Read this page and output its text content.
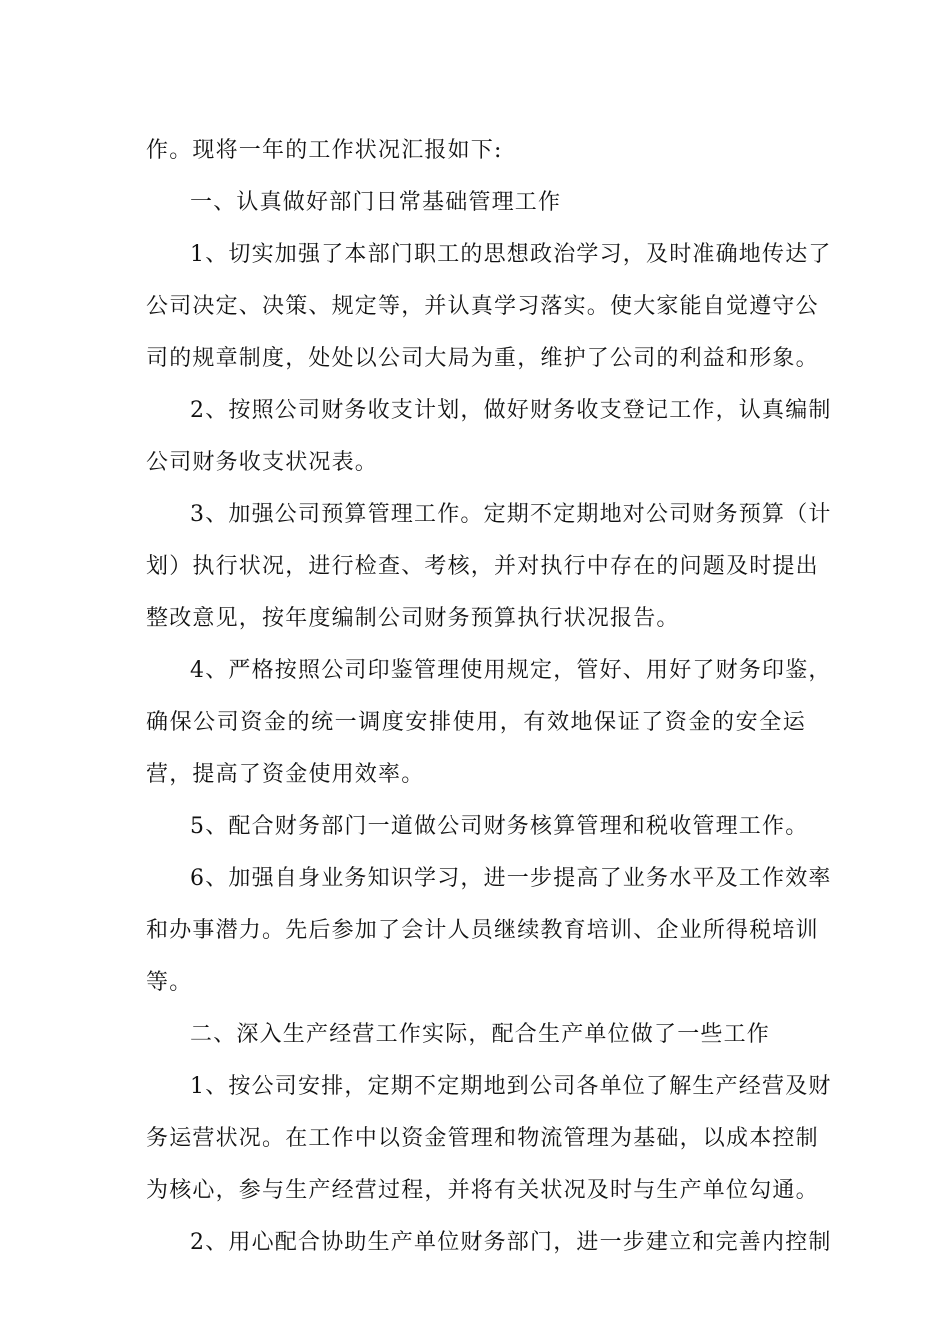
作。现将一年的工作状况汇报如下:
一、认真做好部门日常基础管理工作
1、切实加强了本部门职工的思想政治学习，及时准确地传达了
公司决定、决策、规定等，并认真学习落实。使大家能自觉遵守公
司的规章制度，处处以公司大局为重，维护了公司的利益和形象。
2、按照公司财务收支计划，做好财务收支登记工作，认真编制
公司财务收支状况表。
3、加强公司预算管理工作。定期不定期地对公司财务预算（计
划）执行状况，进行检查、考核，并对执行中存在的问题及时提出
整改意见，按年度编制公司财务预算执行状况报告。
4、严格按照公司印鉴管理使用规定，管好、用好了财务印鉴，
确保公司资金的统一调度安排使用，有效地保证了资金的安全运
营，提高了资金使用效率。
5、配合财务部门一道做公司财务核算管理和税收管理工作。
6、加强自身业务知识学习，进一步提高了业务水平及工作效率
和办事潜力。先后参加了会计人员继续教育培训、企业所得税培训
等。
二、深入生产经营工作实际，配合生产单位做了一些工作
1、按公司安排，定期不定期地到公司各单位了解生产经营及财
务运营状况。在工作中以资金管理和物流管理为基础，以成本控制
为核心，参与生产经营过程，并将有关状况及时与生产单位勾通。
2、用心配合协助生产单位财务部门，进一步建立和完善内控制
